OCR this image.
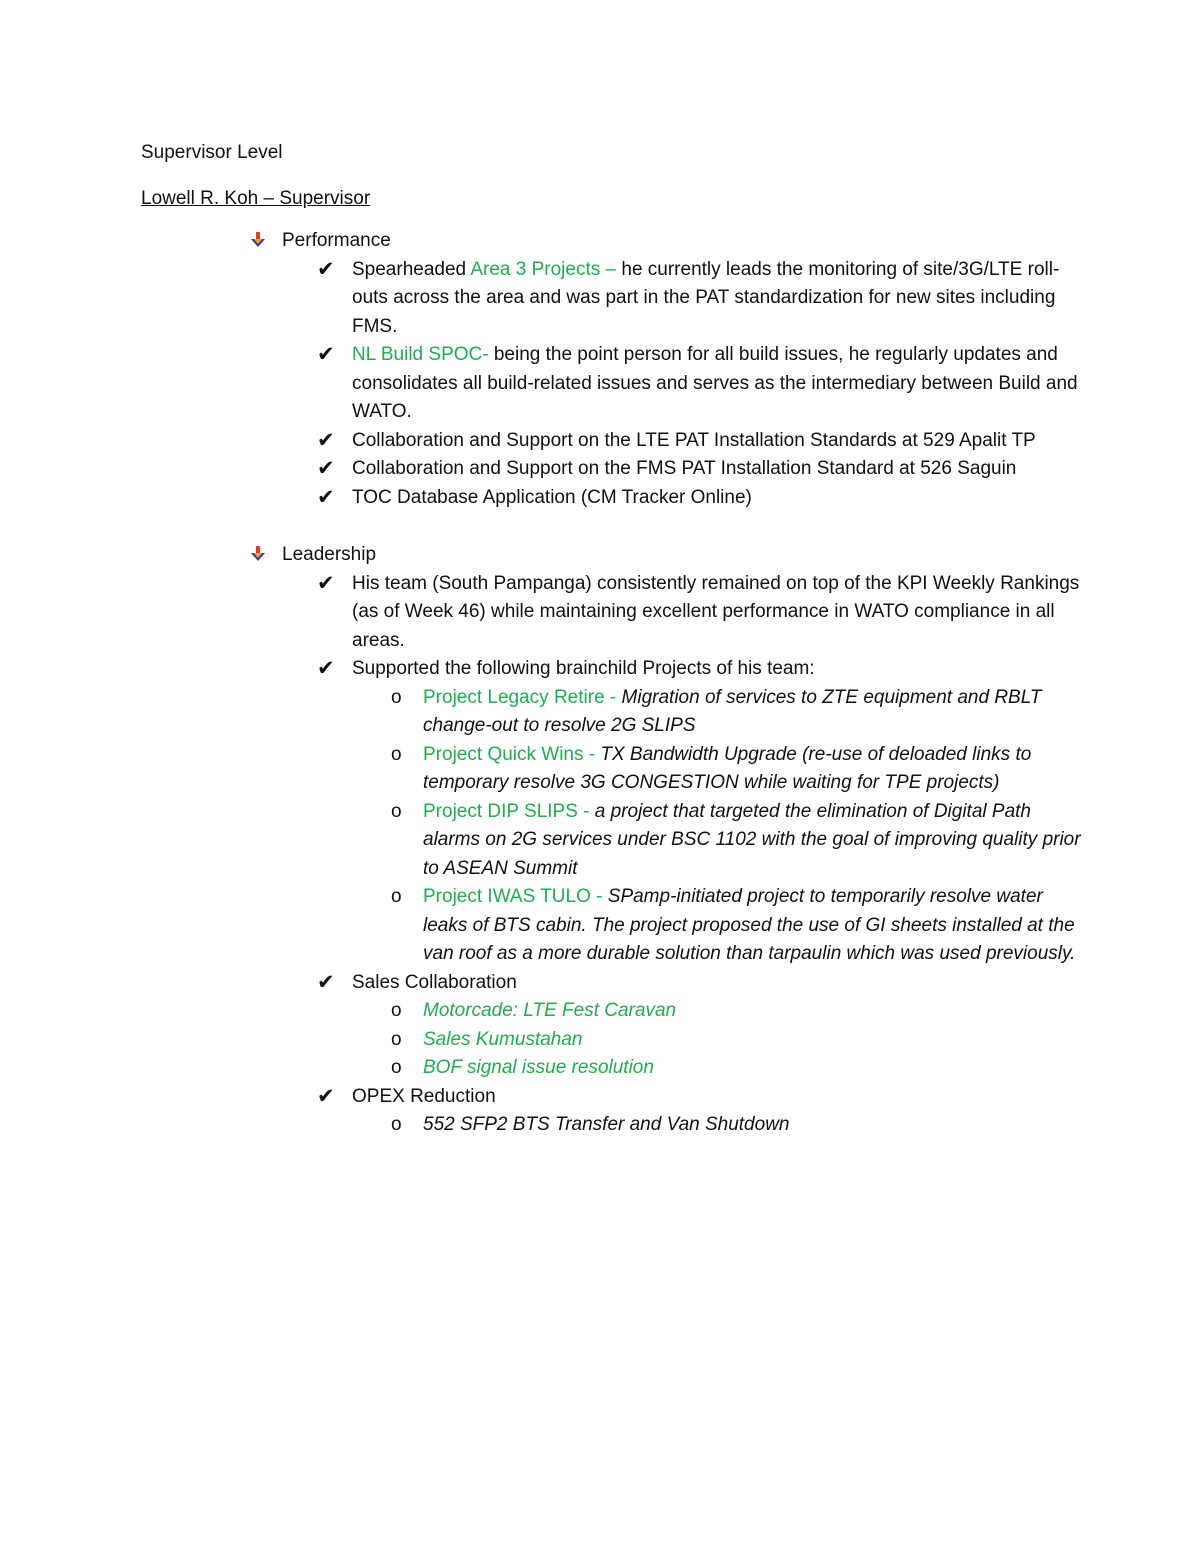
Supervisor Level
Lowell R. Koh – Supervisor
Performance
✔ Spearheaded Area 3 Projects – he currently leads the monitoring of site/3G/LTE roll-outs across the area and was part in the PAT standardization for new sites including FMS.
✔ NL Build SPOC- being the point person for all build issues, he regularly updates and consolidates all build-related issues and serves as the intermediary between Build and WATO.
✔ Collaboration and Support on the LTE PAT Installation Standards at 529 Apalit TP
✔ Collaboration and Support on the FMS PAT Installation Standard at 526 Saguin
✔ TOC Database Application (CM Tracker Online)
Leadership
✔ His team (South Pampanga) consistently remained on top of the KPI Weekly Rankings (as of Week 46) while maintaining excellent performance in WATO compliance in all areas.
✔ Supported the following brainchild Projects of his team:
o Project Legacy Retire - Migration of services to ZTE equipment and RBLT change-out to resolve 2G SLIPS
o Project Quick Wins - TX Bandwidth Upgrade (re-use of deloaded links to temporary resolve 3G CONGESTION while waiting for TPE projects)
o Project DIP SLIPS - a project that targeted the elimination of Digital Path alarms on 2G services under BSC 1102 with the goal of improving quality prior to ASEAN Summit
o Project IWAS TULO - SPamp-initiated project to temporarily resolve water leaks of BTS cabin. The project proposed the use of GI sheets installed at the van roof as a more durable solution than tarpaulin which was used previously.
✔ Sales Collaboration
o Motorcade: LTE Fest Caravan
o Sales Kumustahan
o BOF signal issue resolution
✔ OPEX Reduction
o 552 SFP2 BTS Transfer and Van Shutdown
